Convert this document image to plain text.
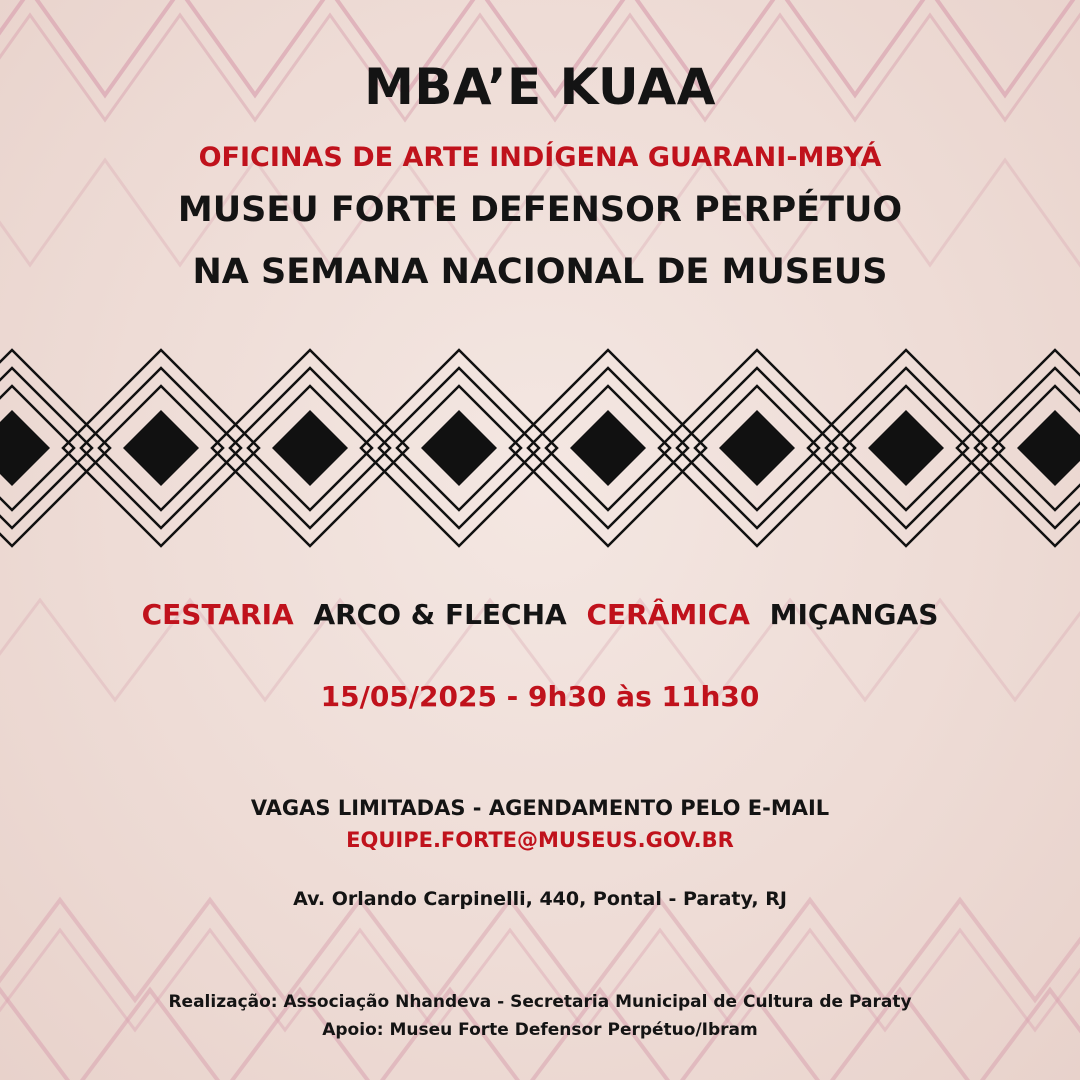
MBA’E KUAA
OFICINAS DE ARTE INDÍGENA GUARANI-MBYÁ
MUSEU FORTE DEFENSOR PERPÉTUO
NA SEMANA NACIONAL DE MUSEUS
CESTARIA ARCO & FLECHA CERÂMICA MIÇANGAS
15/05/2025 - 9h30 às 11h30
VAGAS LIMITADAS - AGENDAMENTO PELO E-MAIL
EQUIPE.FORTE@MUSEUS.GOV.BR
Av. Orlando Carpinelli, 440, Pontal - Paraty, RJ
Realização: Associação Nhandeva - Secretaria Municipal de Cultura de Paraty
Apoio: Museu Forte Defensor Perpétuo/Ibram
